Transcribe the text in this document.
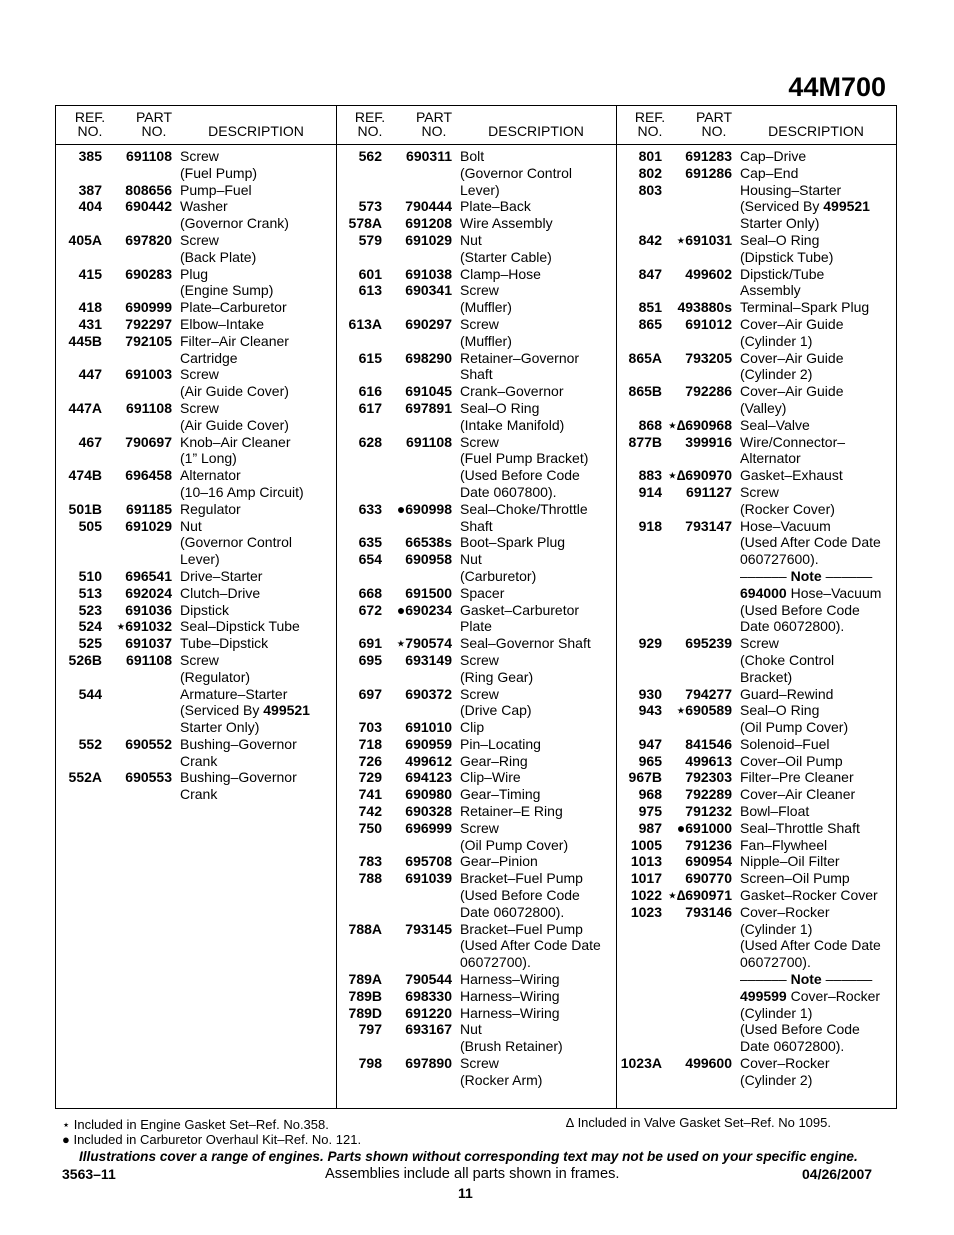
44M700
REF.
NO.
PART
NO.	DESCRIPTION
385	691108 Screw
(Fuel Pump)
387	808656 Pump–Fuel
404	690442 Washer
(Governor Crank)
405A	697820 Screw
(Back Plate)
415	690283 Plug
(Engine Sump)
418	690999 Plate–Carburetor
431	792297 Elbow–Intake
445B	792105 Filter–Air Cleaner
Cartridge
447	691003 Screw
(Air Guide Cover)
447A	691108 Screw
(Air Guide Cover)
467	790697 Knob–Air Cleaner
(1” Long)
474B	696458 Alternator
(10–16 Amp Circuit)
501B	691185 Regulator
505	691029 Nut
(Governor Control
Lever)
510	696541 Drive–Starter
513	692024 Clutch–Drive
523	691036 Dipstick
524	⋆691032 Seal–Dipstick Tube
525	691037 Tube–Dipstick
526B	691108 Screw
(Regulator)
544	Armature–Starter
(Serviced By 499521
Starter Only)
552	690552 Bushing–Governor
Crank
552A	690553 Bushing–Governor
Crank
REF.
NO.
PART
NO.	DESCRIPTION
562	690311 Bolt
(Governor Control
Lever)
573	790444 Plate–Back
578A	691208 Wire Assembly
579	691029 Nut
(Starter Cable)
601	691038 Clamp–Hose
613	690341 Screw
(Muffler)
613A	690297 Screw
(Muffler)
615	698290 Retainer–Governor
Shaft
616	691045 Crank–Governor
617	697891 Seal–O Ring
(Intake Manifold)
628	691108 Screw
(Fuel Pump Bracket)
(Used Before Code
Date 0607800).
633	●690998 Seal–Choke/Throttle
Shaft
635	66538s Boot–Spark Plug
654	690958 Nut
(Carburetor)
668	691500 Spacer
672	●690234 Gasket–Carburetor
Plate
691	⋆790574 Seal–Governor Shaft
695	693149 Screw
(Ring Gear)
697	690372 Screw
(Drive Cap)
703	691010 Clip
718	690959 Pin–Locating
726	499612 Gear–Ring
729	694123 Clip–Wire
741	690980 Gear–Timing
742	690328 Retainer–E Ring
750	696999 Screw
(Oil Pump Cover)
783	695708 Gear–Pinion
788	691039 Bracket–Fuel Pump
(Used Before Code
Date 06072800).
788A	793145 Bracket–Fuel Pump
(Used After Code Date
06072700).
789A	790544 Harness–Wiring
789B	698330 Harness–Wiring
789D	691220 Harness–Wiring
797	693167 Nut
(Brush Retainer)
798	697890 Screw
(Rocker Arm)
REF.
NO.
PART
NO.	DESCRIPTION
801	691283 Cap–Drive
802	691286 Cap–End
803	Housing–Starter
(Serviced By 499521
Starter Only)
842	⋆691031 Seal–O Ring
(Dipstick Tube)
847	499602 Dipstick/Tube
Assembly
851	493880s Terminal–Spark Plug
865	691012 Cover–Air Guide
(Cylinder 1)
865A	793205 Cover–Air Guide
(Cylinder 2)
865B	792286 Cover–Air Guide
(Valley)
868 ⋆∆690968 Seal–Valve
877B	399916 Wire/Connector–
Alternator
883 ⋆∆690970 Gasket–Exhaust
914	691127 Screw
(Rocker Cover)
918	793147 Hose–Vacuum
(Used After Code Date
060727600).
–––––– Note ––––––
694000 Hose–Vacuum
(Used Before Code
Date 06072800).
929	695239 Screw
(Choke Control
Bracket)
930	794277 Guard–Rewind
943	⋆690589 Seal–O Ring
(Oil Pump Cover)
947	841546 Solenoid–Fuel
965	499613 Cover–Oil Pump
967B	792303 Filter–Pre Cleaner
968	792289 Cover–Air Cleaner
975	791232 Bowl–Float
987	●691000 Seal–Throttle Shaft
1005	791236 Fan–Flywheel
1013	690954 Nipple–Oil Filter
1017	690770 Screen–Oil Pump
1022 ⋆∆690971 Gasket–Rocker Cover
1023	793146 Cover–Rocker
(Cylinder 1)
(Used After Code Date
06072700).
–––––– Note ––––––
499599 Cover–Rocker
(Cylinder 1)
(Used Before Code
Date 06072800).
1023A	499600 Cover–Rocker
(Cylinder 2)
⋆ Included in Engine Gasket Set–Ref. No.358.
● Included in Carburetor Overhaul Kit–Ref. No. 121.
∆ Included in Valve Gasket Set–Ref. No 1095.
Illustrations cover a range of engines. Parts shown without corresponding text may not be used on your specific engine.
3563–11	Assemblies include all parts shown in frames.	04/26/2007
11
